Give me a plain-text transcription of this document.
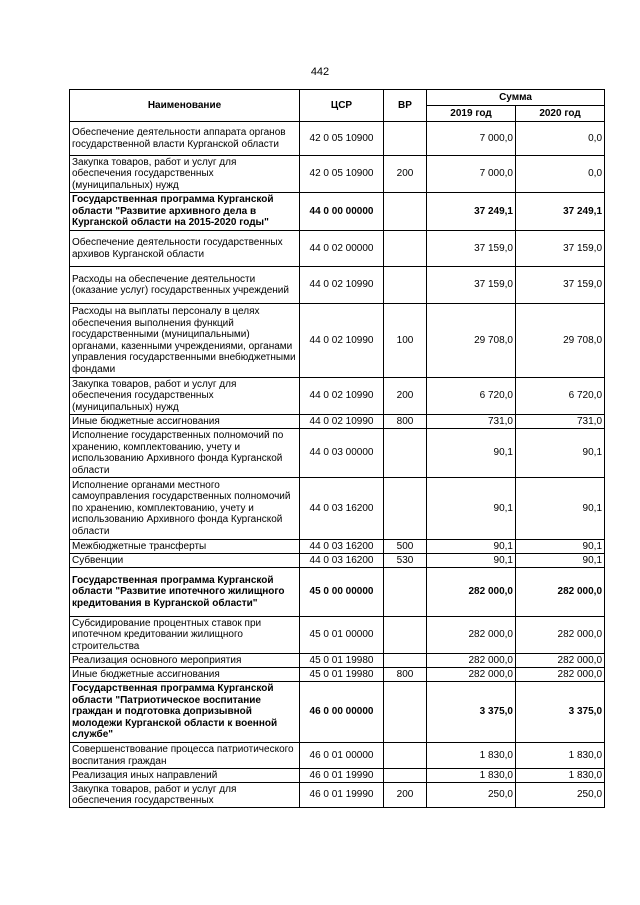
442
Наименование	ЦСР	ВР	Сумма	
			2019 год	2020 год
Обеспечение деятельности аппарата органов государственной власти Курганской области	42 0 05 10900		7 000,0	0,0
Закупка товаров, работ и услуг для обеспечения государственных (муниципальных) нужд	42 0 05 10900	200	7 000,0	0,0
Государственная программа Курганской области "Развитие архивного дела в Курганской области на 2015-2020 годы"	44 0 00 00000		37 249,1	37 249,1
Обеспечение деятельности государственных архивов Курганской области	44 0 02 00000		37 159,0	37 159,0
Расходы на обеспечение деятельности (оказание услуг) государственных учреждений	44 0 02 10990		37 159,0	37 159,0
Расходы на выплаты персоналу в целях обеспечения выполнения функций государственными (муниципальными) органами, казенными учреждениями, органами управления государственными внебюджетными фондами	44 0 02 10990	100	29 708,0	29 708,0
Закупка товаров, работ и услуг для обеспечения государственных (муниципальных) нужд	44 0 02 10990	200	6 720,0	6 720,0
Иные бюджетные ассигнования	44 0 02 10990	800	731,0	731,0
Исполнение государственных полномочий по хранению, комплектованию, учету и использованию Архивного фонда Курганской области	44 0 03 00000		90,1	90,1
Исполнение органами местного самоуправления государственных полномочий по хранению, комплектованию, учету и использованию Архивного фонда Курганской области	44 0 03 16200		90,1	90,1
Межбюджетные трансферты	44 0 03 16200	500	90,1	90,1
Субвенции	44 0 03 16200	530	90,1	90,1
Государственная программа Курганской области "Развитие ипотечного жилищного кредитования в Курганской области"	45 0 00 00000		282 000,0	282 000,0
Субсидирование процентных ставок при ипотечном кредитовании жилищного строительства	45 0 01 00000		282 000,0	282 000,0
Реализация основного мероприятия	45 0 01 19980		282 000,0	282 000,0
Иные бюджетные ассигнования	45 0 01 19980	800	282 000,0	282 000,0
Государственная программа Курганской области "Патриотическое воспитание граждан и подготовка допризывной молодежи Курганской области к военной службе"	46 0 00 00000		3 375,0	3 375,0
Совершенствование процесса патриотического воспитания граждан	46 0 01 00000		1 830,0	1 830,0
Реализация иных направлений	46 0 01 19990		1 830,0	1 830,0
Закупка товаров, работ и услуг для обеспечения государственных	46 0 01 19990	200	250,0	250,0
